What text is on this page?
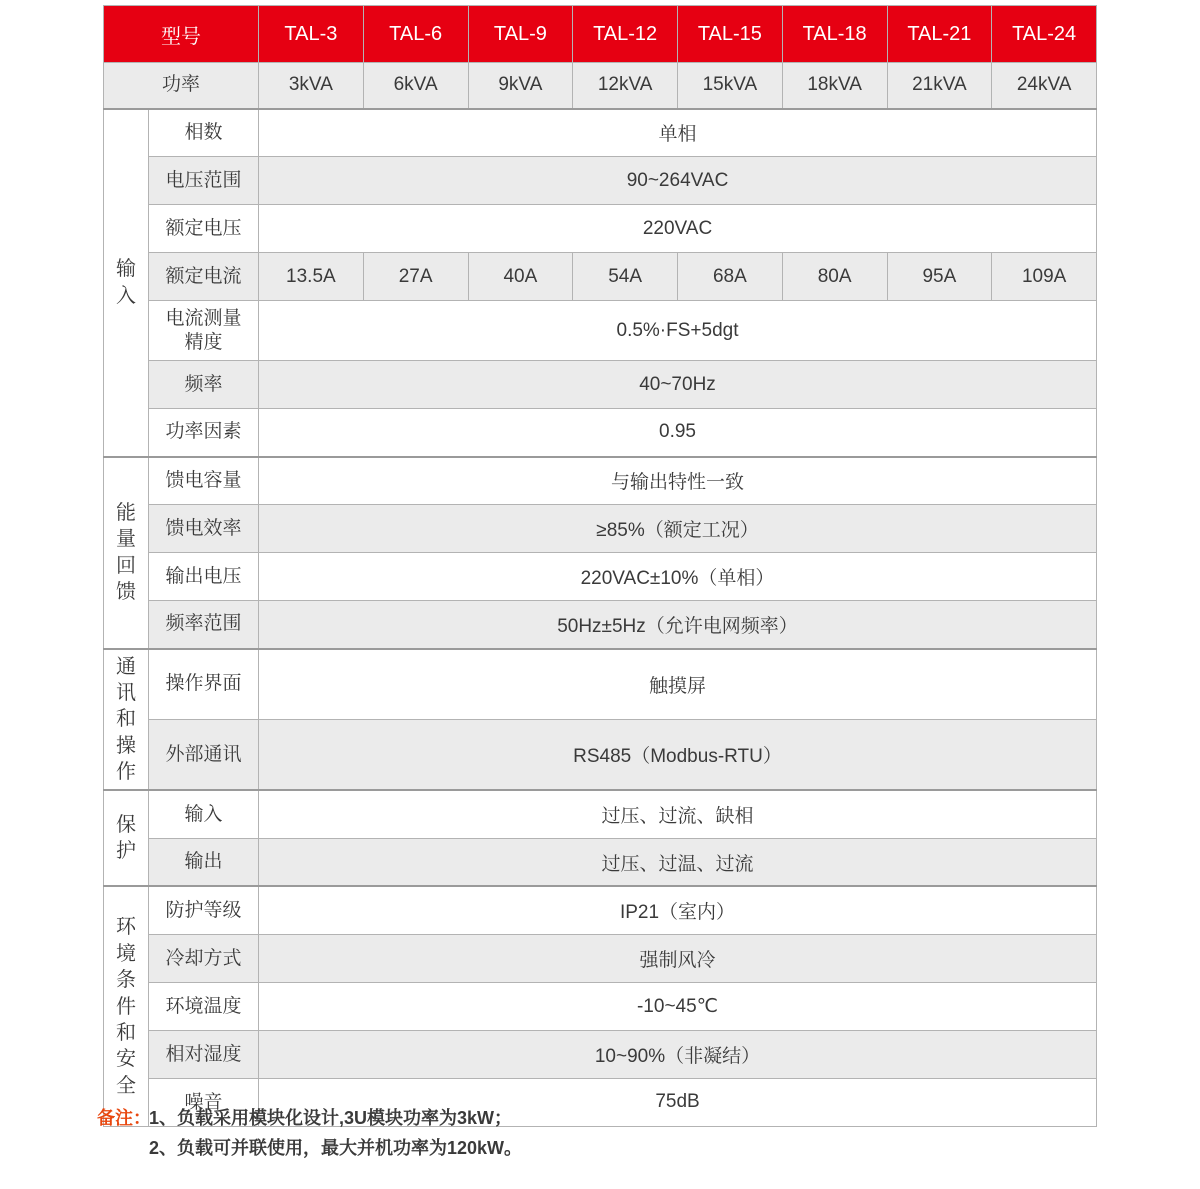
型号		TAL-3	TAL-6	TAL-9	TAL-12	TAL-15	TAL-18	TAL-21	TAL-24
功率		3kVA	6kVA	9kVA	12kVA	15kVA	18kVA	21kVA	24kVA
输入	相数	单相							
	电压范围	90~264VAC							
	额定电压	220VAC							
	额定电流	13.5A	27A	40A	54A	68A	80A	95A	109A
	电流测量精度	0.5%·FS+5dgt							
	频率	40~70Hz							
	功率因素	0.95							
能量回馈	馈电容量	与输出特性一致							
	馈电效率	≥85%（额定工况）							
	输出电压	220VAC±10%（单相）							
	频率范围	50Hz±5Hz（允许电网频率）							
通讯和操作	操作界面	触摸屏							
	外部通讯	RS485（Modbus-RTU）							
保护	输入	过压、过流、缺相							
	输出	过压、过温、过流							
环境条件和安全	防护等级	IP21（室内）							
	冷却方式	强制风冷							
	环境温度	-10~45℃							
	相对湿度	10~90%（非凝结）							
	噪音	75dB							
备注：
1、负载采用模块化设计,3U模块功率为3kW；
2、负载可并联使用，最大并机功率为120kW。
